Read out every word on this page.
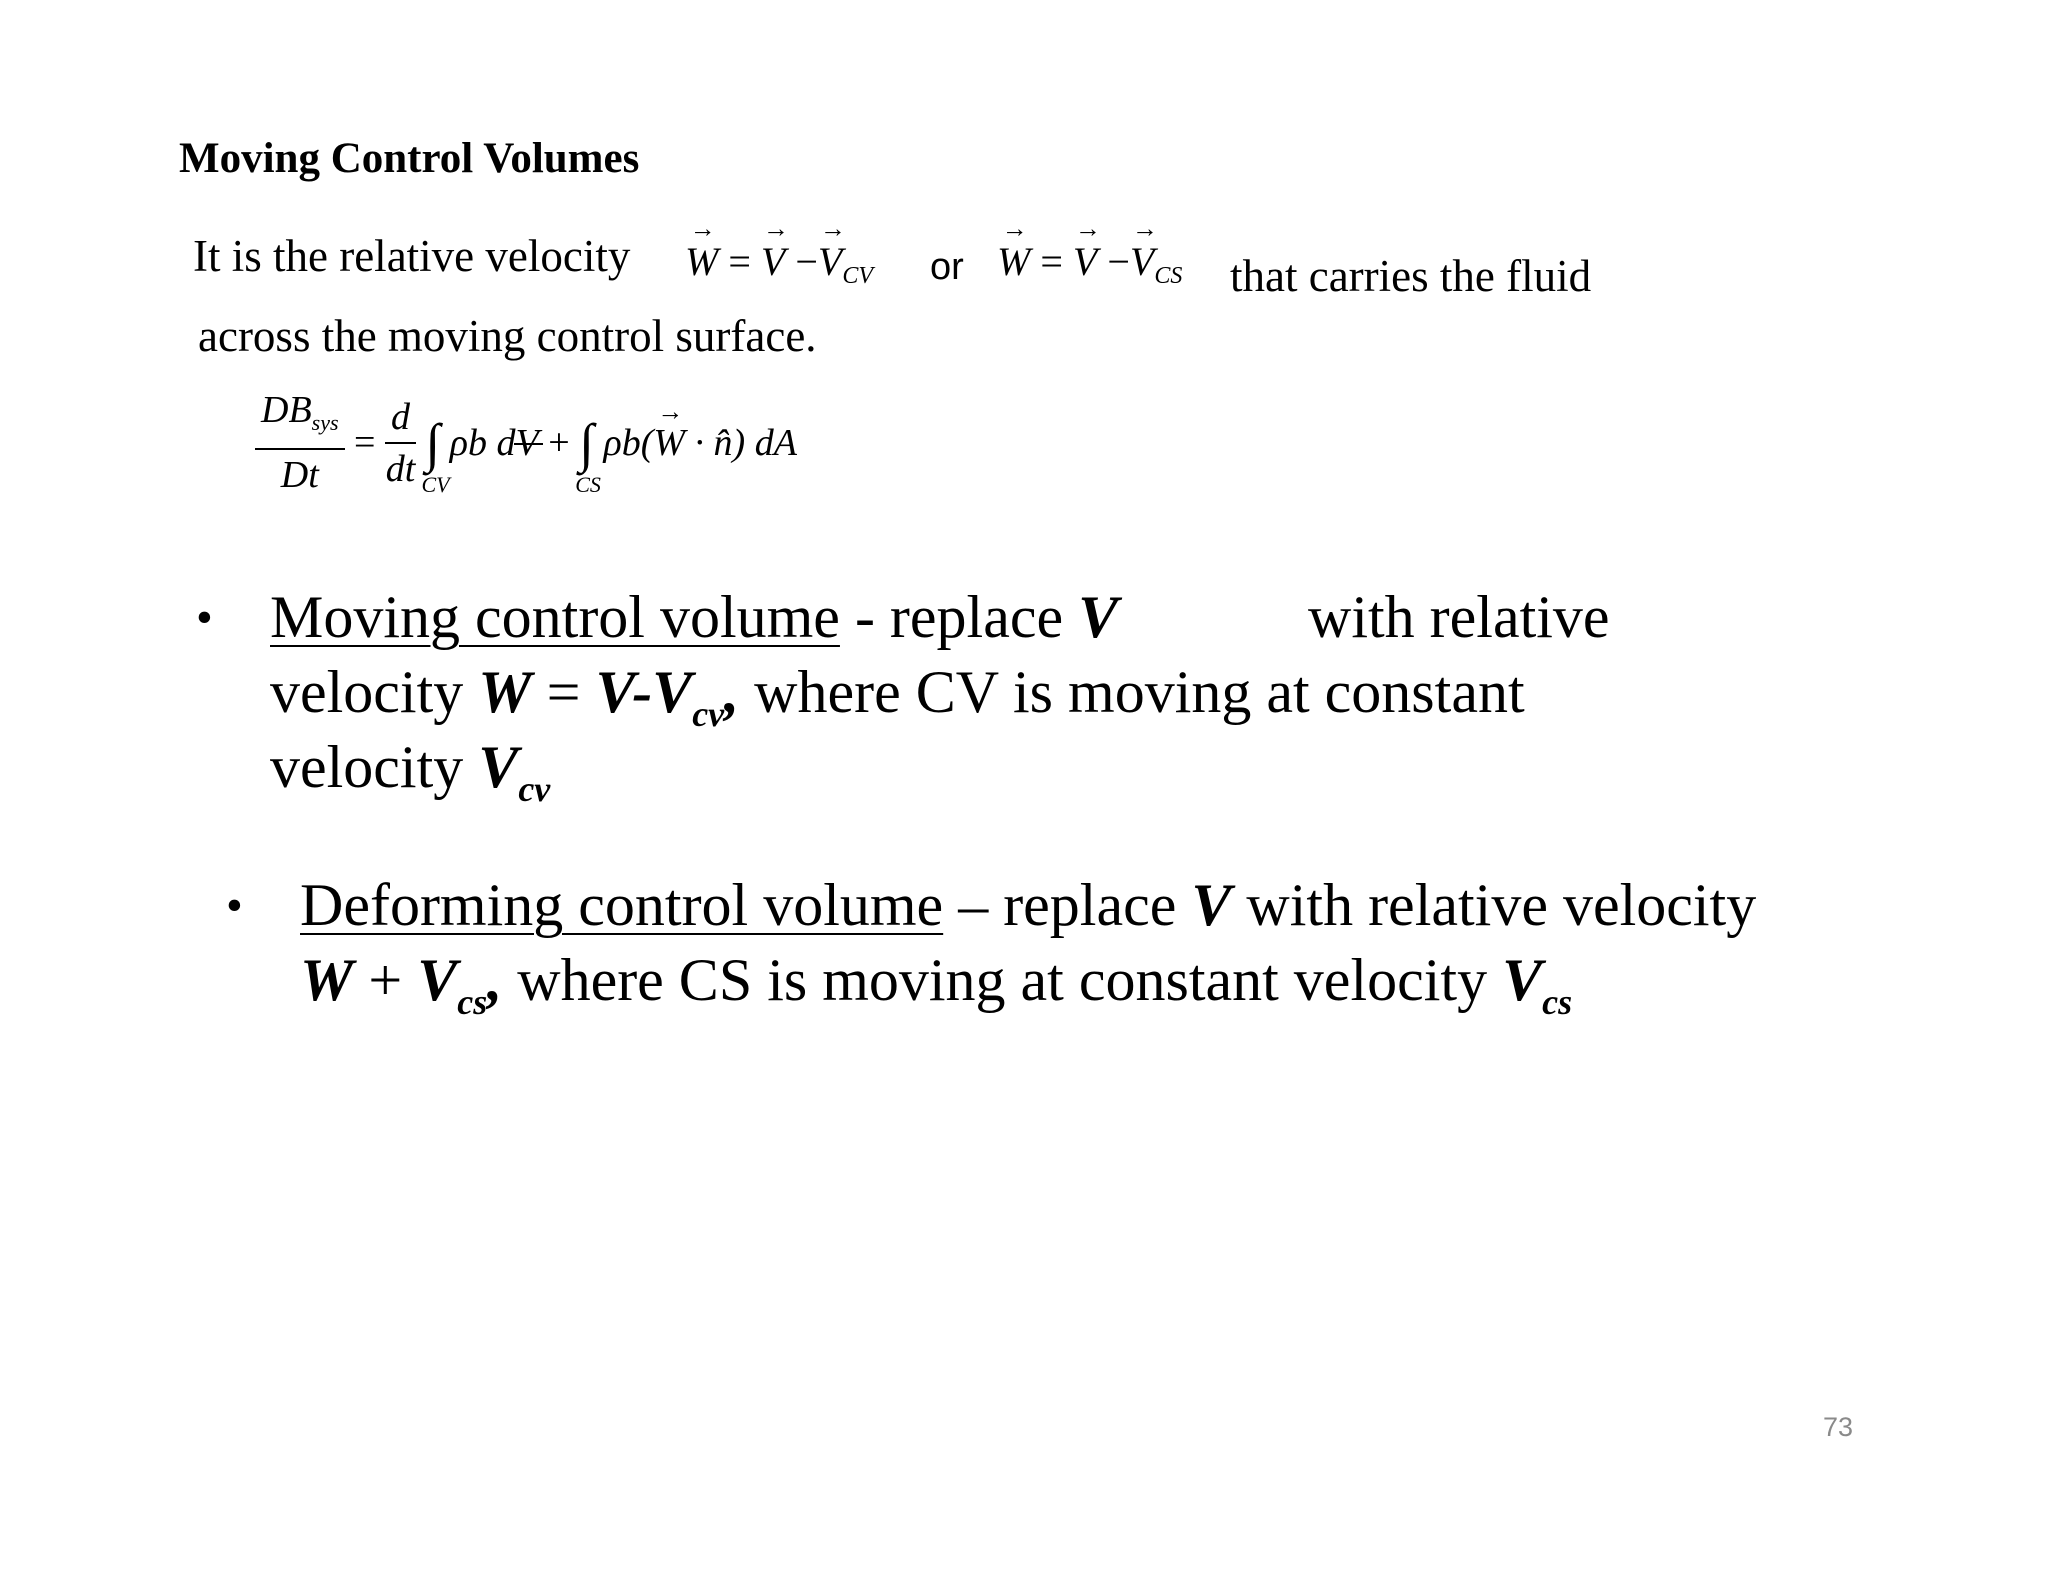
Moving Control Volumes
It is the relative velocity → W = → $V -\to V_{CV}$ or → W = → $V -\to V_{CS}$ that carries the fluid
across the moving control surface.
$\frac{DB_{sys}}{Dt} = \frac{d}{dt}$ ∫
CV
ρb dV + ∫
CS
ρb(→ W · n̂) dA
• Moving control volume - replace V	with relative
velocity $W = V-V_{cv}$, where CV is moving at constant
velocity $V_{cv}$
• Deforming control volume – replace V with relative velocity
$W + V_{cs}$, where CS is moving at constant velocity $V_{cs}$
73
